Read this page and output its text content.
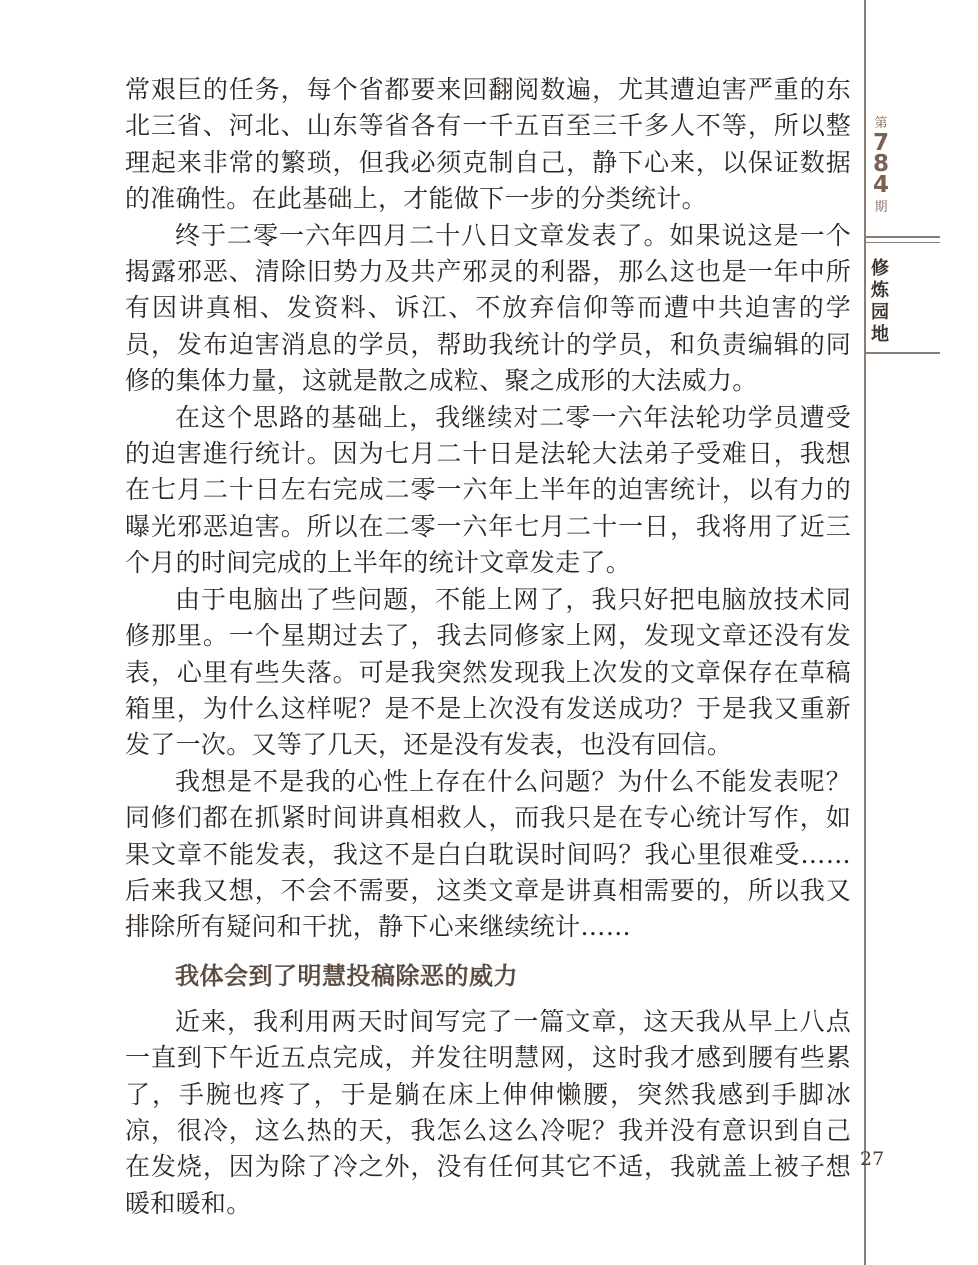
第
7
8
4
期
修炼园地
27

常艰巨的任务，每个省都要来回翻阅数遍，尤其遭迫害严重的东北三省、河北、山东等省各有一千五百至三千多人不等，所以整理起来非常的繁琐，但我必须克制自己，静下心来，以保证数据的准确性。在此基础上，才能做下一步的分类统计。

终于二零一六年四月二十八日文章发表了。如果说这是一个揭露邪恶、清除旧势力及共产邪灵的利器，那么这也是一年中所有因讲真相、发资料、诉江、不放弃信仰等而遭中共迫害的学员，发布迫害消息的学员，帮助我统计的学员，和负责编辑的同修的集体力量，这就是散之成粒、聚之成形的大法威力。

在这个思路的基础上，我继续对二零一六年法轮功学员遭受的迫害進行统计。因为七月二十日是法轮大法弟子受难日，我想在七月二十日左右完成二零一六年上半年的迫害统计，以有力的曝光邪恶迫害。所以在二零一六年七月二十一日，我将用了近三个月的时间完成的上半年的统计文章发走了。

由于电脑出了些问题，不能上网了，我只好把电脑放技术同修那里。一个星期过去了，我去同修家上网，发现文章还没有发表，心里有些失落。可是我突然发现我上次发的文章保存在草稿箱里，为什么这样呢？是不是上次没有发送成功？于是我又重新发了一次。又等了几天，还是没有发表，也没有回信。

我想是不是我的心性上存在什么问题？为什么不能发表呢？同修们都在抓紧时间讲真相救人，而我只是在专心统计写作，如果文章不能发表，我这不是白白耽误时间吗？我心里很难受……后来我又想，不会不需要，这类文章是讲真相需要的，所以我又排除所有疑问和干扰，静下心来继续统计……

我体会到了明慧投稿除恶的威力

近来，我利用两天时间写完了一篇文章，这天我从早上八点一直到下午近五点完成，并发往明慧网，这时我才感到腰有些累了，手腕也疼了，于是躺在床上伸伸懒腰，突然我感到手脚冰凉，很冷，这么热的天，我怎么这么冷呢？我并没有意识到自己在发烧，因为除了冷之外，没有任何其它不适，我就盖上被子想暖和暖和。
